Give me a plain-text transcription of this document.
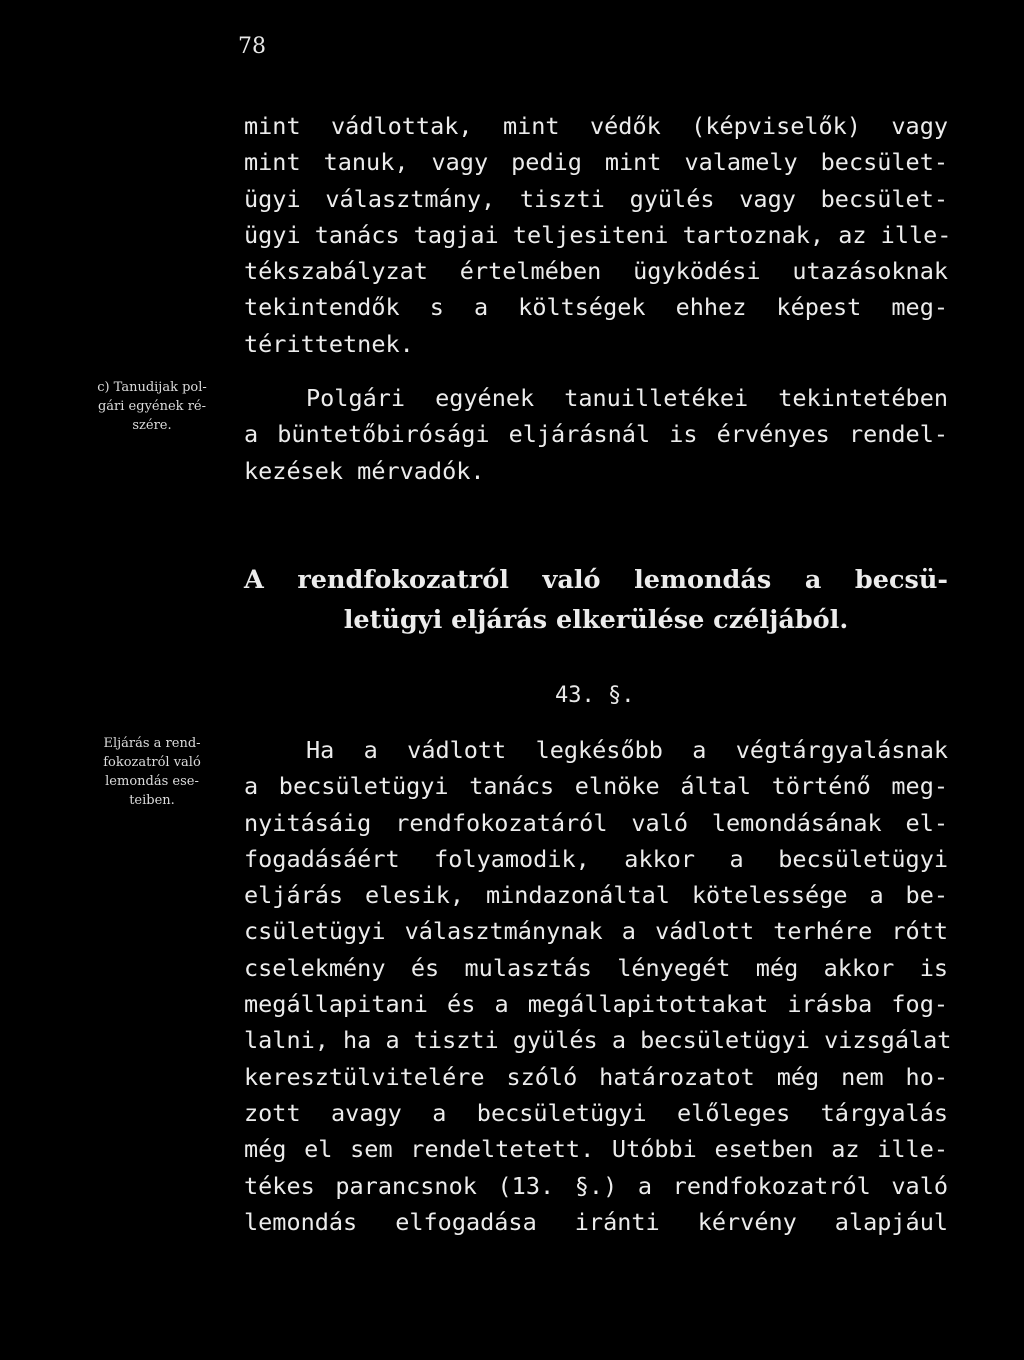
78
mint vádlottak, mint védők (képviselők) vagy
mint tanuk, vagy pedig mint valamely becsület-
ügyi választmány, tiszti gyülés vagy becsület-
ügyi tanács tagjai teljesiteni tartoznak, az ille-
tékszabályzat értelmében ügyködési utazásoknak
tekintendők s a költségek ehhez képest meg-
térittetnek.
c) Tanudijak pol-
gári egyének ré-
szére.
Polgári egyének tanuilletékei tekintetében
a büntetőbirósági eljárásnál is érvényes rendel-
kezések mérvadók.
A rendfokozatról való lemondás a becsü-
letügyi eljárás elkerülése czéljából.
43. §.
Eljárás a rend-
fokozatról való
lemondás ese-
teiben.
Ha a vádlott legkésőbb a végtárgyalásnak
a becsületügyi tanács elnöke által történő meg-
nyitásáig rendfokozatáról való lemondásának el-
fogadásáért folyamodik, akkor a becsületügyi
eljárás elesik, mindazonáltal kötelessége a be-
csületügyi választmánynak a vádlott terhére rótt
cselekmény és mulasztás lényegét még akkor is
megállapitani és a megállapitottakat irásba fog-
lalni, ha a tiszti gyülés a becsületügyi vizsgálat
keresztülvitelére szóló határozatot még nem ho-
zott avagy a becsületügyi előleges tárgyalás
még el sem rendeltetett. Utóbbi esetben az ille-
tékes parancsnok (13. §.) a rendfokozatról való
lemondás elfogadása iránti kérvény alapjául
